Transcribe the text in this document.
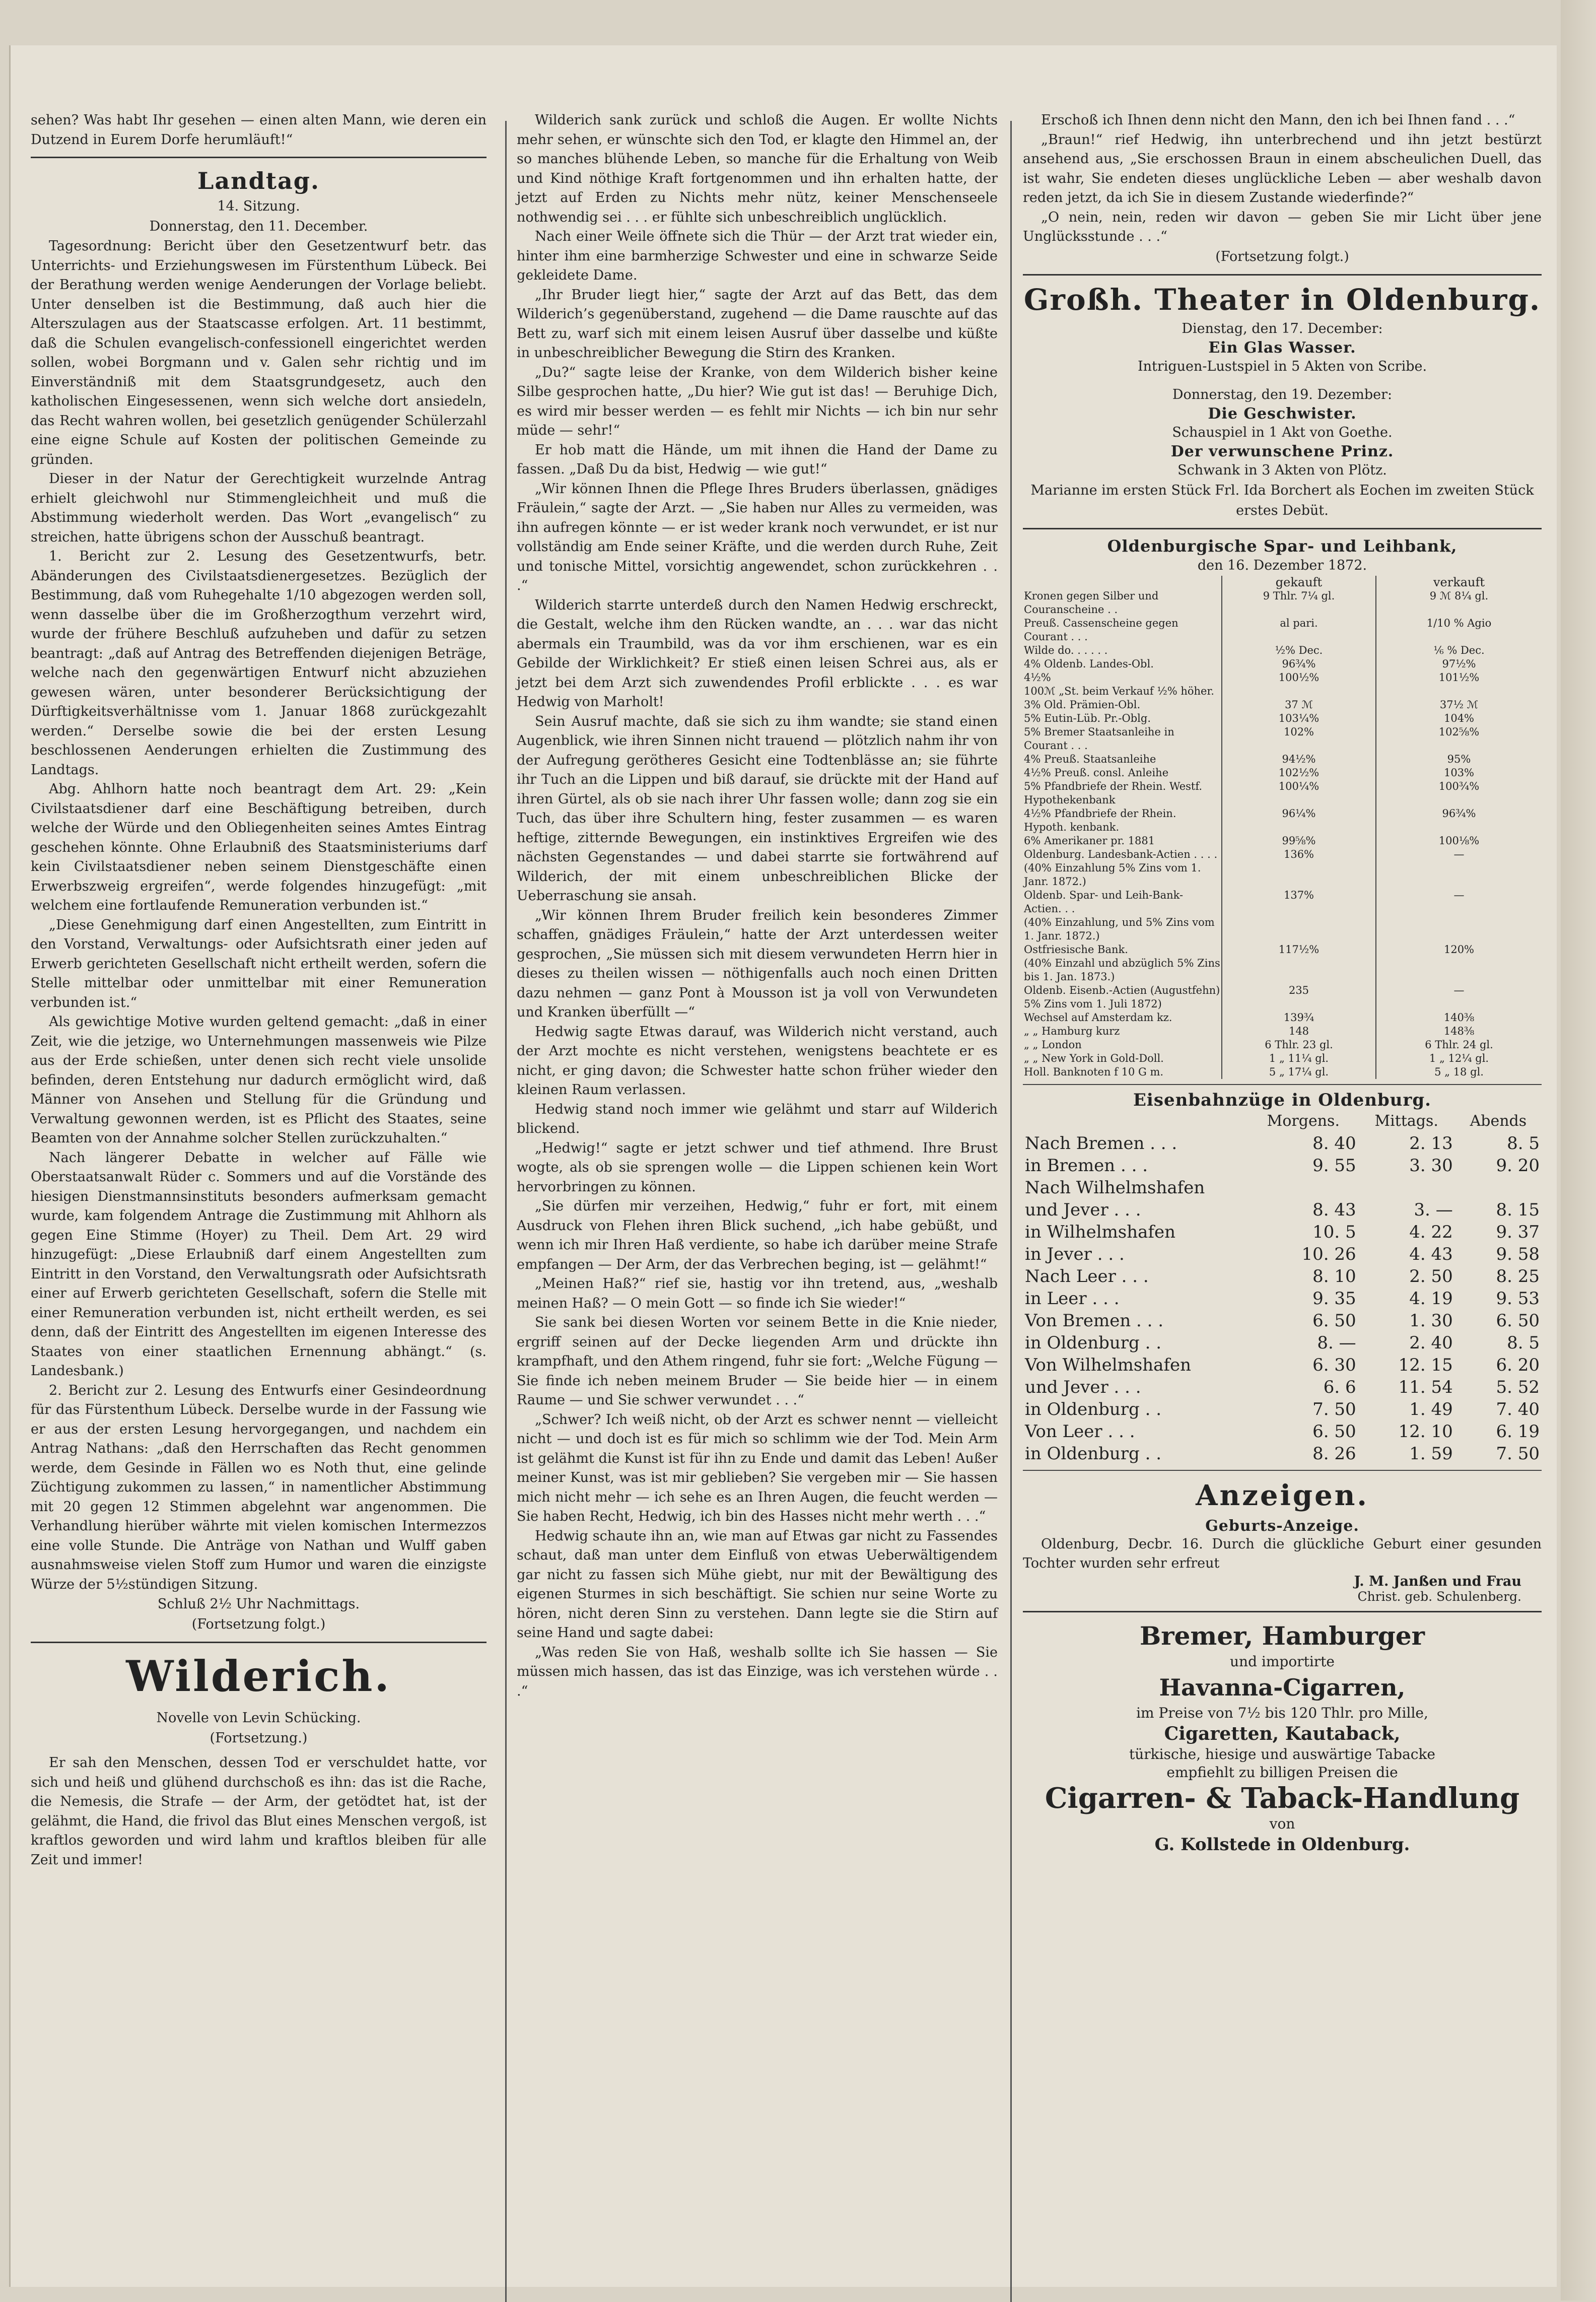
sehen? Was habt Ihr gesehen — einen alten Mann, wie deren ein Dutzend in Eurem Dorfe herumläuft!“

Landtag.
14. Sitzung.
Donnerstag, den 11. December.

Tagesordnung: Bericht über den Gesetzentwurf betr. das Unterrichts- und Erziehungswesen im Fürstenthum Lübeck. Bei der Berathung werden wenige Aenderungen der Vorlage beliebt. Unter denselben ist die Bestimmung, daß auch hier die Alterszulagen aus der Staatscasse erfolgen. Art. 11 bestimmt, daß die Schulen evangelisch-confessionell eingerichtet werden sollen, wobei Borgmann und v. Galen sehr richtig und im Einverständniß mit dem Staatsgrundgesetz, auch den katholischen Eingesessenen, wenn sich welche dort ansiedeln, das Recht wahren wollen, bei gesetzlich genügender Schülerzahl eine eigne Schule auf Kosten der politischen Gemeinde zu gründen.

Dieser in der Natur der Gerechtigkeit wurzelnde Antrag erhielt gleichwohl nur Stimmengleichheit und muß die Abstimmung wiederholt werden. Das Wort „evangelisch“ zu streichen, hatte übrigens schon der Ausschuß beantragt.

1. Bericht zur 2. Lesung des Gesetzentwurfs, betr. Abänderungen des Civilstaatsdienergesetzes. Bezüglich der Bestimmung, daß vom Ruhegehalte 1/10 abgezogen werden soll, wenn dasselbe über die im Großherzogthum verzehrt wird, wurde der frühere Beschluß aufzuheben und dafür zu setzen beantragt: „daß auf Antrag des Betreffenden diejenigen Beträge, welche nach den gegenwärtigen Entwurf nicht abzuziehen gewesen wären, unter besonderer Berücksichtigung der Dürftigkeitsverhältnisse vom 1. Januar 1868 zurückgezahlt werden.“ Derselbe sowie die bei der ersten Lesung beschlossenen Aenderungen erhielten die Zustimmung des Landtags.

Abg. Ahlhorn hatte noch beantragt dem Art. 29: „Kein Civilstaatsdiener darf eine Beschäftigung betreiben, durch welche der Würde und den Obliegenheiten seines Amtes Eintrag geschehen könnte. Ohne Erlaubniß des Staatsministeriums darf kein Civilstaatsdiener neben seinem Dienstgeschäfte einen Erwerbszweig ergreifen“, werde folgendes hinzugefügt: „mit welchem eine fortlaufende Remuneration verbunden ist.“

„Diese Genehmigung darf einen Angestellten, zum Eintritt in den Vorstand, Verwaltungs- oder Aufsichtsrath einer jeden auf Erwerb gerichteten Gesellschaft nicht ertheilt werden, sofern die Stelle mittelbar oder unmittelbar mit einer Remuneration verbunden ist.“

Als gewichtige Motive wurden geltend gemacht: „daß in einer Zeit, wie die jetzige, wo Unternehmungen massenweis wie Pilze aus der Erde schießen, unter denen sich recht viele unsolide befinden, deren Entstehung nur dadurch ermöglicht wird, daß Männer von Ansehen und Stellung für die Gründung und Verwaltung gewonnen werden, ist es Pflicht des Staates, seine Beamten von der Annahme solcher Stellen zurückzuhalten.“

Nach längerer Debatte in welcher auf Fälle wie Oberstaatsanwalt Rüder c. Sommers und auf die Vorstände des hiesigen Dienstmannsinstituts besonders aufmerksam gemacht wurde, kam folgendem Antrage die Zustimmung mit Ahlhorn als gegen Eine Stimme (Hoyer) zu Theil. Dem Art. 29 wird hinzugefügt: „Diese Erlaubniß darf einem Angestellten zum Eintritt in den Vorstand, den Verwaltungsrath oder Aufsichtsrath einer auf Erwerb gerichteten Gesellschaft, sofern die Stelle mit einer Remuneration verbunden ist, nicht ertheilt werden, es sei denn, daß der Eintritt des Angestellten im eigenen Interesse des Staates von einer staatlichen Ernennung abhängt.“ (s. Landesbank.)

2. Bericht zur 2. Lesung des Entwurfs einer Gesindeordnung für das Fürstenthum Lübeck. Derselbe wurde in der Fassung wie er aus der ersten Lesung hervorgegangen, und nachdem ein Antrag Nathans: „daß den Herrschaften das Recht genommen werde, dem Gesinde in Fällen wo es Noth thut, eine gelinde Züchtigung zukommen zu lassen,“ in namentlicher Abstimmung mit 20 gegen 12 Stimmen abgelehnt war angenommen. Die Verhandlung hierüber währte mit vielen komischen Intermezzos eine volle Stunde. Die Anträge von Nathan und Wulff gaben ausnahmsweise vielen Stoff zum Humor und waren die einzigste Würze der 5½stündigen Sitzung.

Schluß 2½ Uhr Nachmittags.
(Fortsetzung folgt.)
Wilderich.
Novelle von Levin Schücking.
(Fortsetzung.)

Er sah den Menschen, dessen Tod er verschuldet hatte, vor sich und heiß und glühend durchschoß es ihn: das ist die Rache, die Nemesis, die Strafe — der Arm, der getödtet hat, ist der gelähmt, die Hand, die frivol das Blut eines Menschen vergoß, ist kraftlos geworden und wird lahm und kraftlos bleiben für alle Zeit und immer!

Wilderich sank zurück und schloß die Augen. Er wollte Nichts mehr sehen, er wünschte sich den Tod, er klagte den Himmel an, der so manches blühende Leben, so manche für die Erhaltung von Weib und Kind nöthige Kraft fortgenommen und ihn erhalten hatte, der jetzt auf Erden zu Nichts mehr nütz, keiner Menschenseele nothwendig sei . . . er fühlte sich unbeschreiblich unglücklich.

Nach einer Weile öffnete sich die Thür — der Arzt trat wieder ein, hinter ihm eine barmherzige Schwester und eine in schwarze Seide gekleidete Dame.

„Ihr Bruder liegt hier,“ sagte der Arzt auf das Bett, das dem Wilderich’s gegenüberstand, zugehend — die Dame rauschte auf das Bett zu, warf sich mit einem leisen Ausruf über dasselbe und küßte in unbeschreiblicher Bewegung die Stirn des Kranken.

„Du?“ sagte leise der Kranke, von dem Wilderich bisher keine Silbe gesprochen hatte, „Du hier? Wie gut ist das! — Beruhige Dich, es wird mir besser werden — es fehlt mir Nichts — ich bin nur sehr müde — sehr!“

Er hob matt die Hände, um mit ihnen die Hand der Dame zu fassen. „Daß Du da bist, Hedwig — wie gut!“

„Wir können Ihnen die Pflege Ihres Bruders überlassen, gnädiges Fräulein,“ sagte der Arzt. — „Sie haben nur Alles zu vermeiden, was ihn aufregen könnte — er ist weder krank noch verwundet, er ist nur vollständig am Ende seiner Kräfte, und die werden durch Ruhe, Zeit und tonische Mittel, vorsichtig angewendet, schon zurückkehren . . .“

Wilderich starrte unterdeß durch den Namen Hedwig erschreckt, die Gestalt, welche ihm den Rücken wandte, an . . . war das nicht abermals ein Traumbild, was da vor ihm erschienen, war es ein Gebilde der Wirklichkeit? Er stieß einen leisen Schrei aus, als er jetzt bei dem Arzt sich zuwendendes Profil erblickte . . . es war Hedwig von Marholt!

Sein Ausruf machte, daß sie sich zu ihm wandte; sie stand einen Augenblick, wie ihren Sinnen nicht trauend — plötzlich nahm ihr von der Aufregung gerötheres Gesicht eine Todtenblässe an; sie führte ihr Tuch an die Lippen und biß darauf, sie drückte mit der Hand auf ihren Gürtel, als ob sie nach ihrer Uhr fassen wolle; dann zog sie ein Tuch, das über ihre Schultern hing, fester zusammen — es waren heftige, zitternde Bewegungen, ein instinktives Ergreifen wie des nächsten Gegenstandes — und dabei starrte sie fortwährend auf Wilderich, der mit einem unbeschreiblichen Blicke der Ueberraschung sie ansah.

„Wir können Ihrem Bruder freilich kein besonderes Zimmer schaffen, gnädiges Fräulein,“ hatte der Arzt unterdessen weiter gesprochen, „Sie müssen sich mit diesem verwundeten Herrn hier in dieses zu theilen wissen — nöthigenfalls auch noch einen Dritten dazu nehmen — ganz Pont à Mousson ist ja voll von Verwundeten und Kranken überfüllt —“

Hedwig sagte Etwas darauf, was Wilderich nicht verstand, auch der Arzt mochte es nicht verstehen, wenigstens beachtete er es nicht, er ging davon; die Schwester hatte schon früher wieder den kleinen Raum verlassen.

Hedwig stand noch immer wie gelähmt und starr auf Wilderich blickend.

„Hedwig!“ sagte er jetzt schwer und tief athmend. Ihre Brust wogte, als ob sie sprengen wolle — die Lippen schienen kein Wort hervorbringen zu können.

„Sie dürfen mir verzeihen, Hedwig,“ fuhr er fort, mit einem Ausdruck von Flehen ihren Blick suchend, „ich habe gebüßt, und wenn ich mir Ihren Haß verdiente, so habe ich darüber meine Strafe empfangen — Der Arm, der das Verbrechen beging, ist — gelähmt!“

„Meinen Haß?“ rief sie, hastig vor ihn tretend, aus, „weshalb meinen Haß? — O mein Gott — so finde ich Sie wieder!“

Sie sank bei diesen Worten vor seinem Bette in die Knie nieder, ergriff seinen auf der Decke liegenden Arm und drückte ihn krampfhaft, und den Athem ringend, fuhr sie fort: „Welche Fügung — Sie finde ich neben meinem Bruder — Sie beide hier — in einem Raume — und Sie schwer verwundet . . .“

„Schwer? Ich weiß nicht, ob der Arzt es schwer nennt — vielleicht nicht — und doch ist es für mich so schlimm wie der Tod. Mein Arm ist gelähmt die Kunst ist für ihn zu Ende und damit das Leben! Außer meiner Kunst, was ist mir geblieben? Sie vergeben mir — Sie hassen mich nicht mehr — ich sehe es an Ihren Augen, die feucht werden — Sie haben Recht, Hedwig, ich bin des Hasses nicht mehr werth . . .“

Hedwig schaute ihn an, wie man auf Etwas gar nicht zu Fassendes schaut, daß man unter dem Einfluß von etwas Ueberwältigendem gar nicht zu fassen sich Mühe giebt, nur mit der Bewältigung des eigenen Sturmes in sich beschäftigt. Sie schien nur seine Worte zu hören, nicht deren Sinn zu verstehen. Dann legte sie die Stirn auf seine Hand und sagte dabei:

„Was reden Sie von Haß, weshalb sollte ich Sie hassen — Sie müssen mich hassen, das ist das Einzige, was ich verstehen würde . . .“

Erschoß ich Ihnen denn nicht den Mann, den ich bei Ihnen fand . . .“

„Braun!“ rief Hedwig, ihn unterbrechend und ihn jetzt bestürzt ansehend aus, „Sie erschossen Braun in einem abscheulichen Duell, das ist wahr, Sie endeten dieses unglückliche Leben — aber weshalb davon reden jetzt, da ich Sie in diesem Zustande wiederfinde?“

„O nein, nein, reden wir davon — geben Sie mir Licht über jene Unglücksstunde . . .“

(Fortsetzung folgt.)
Großh. Theater in Oldenburg.
Dienstag, den 17. December:
Ein Glas Wasser.
Intriguen-Lustspiel in 5 Akten von Scribe.
Donnerstag, den 19. Dezember:
Die Geschwister.
Schauspiel in 1 Akt von Goethe.
Der verwunschene Prinz.
Schwank in 3 Akten von Plötz.
Marianne im ersten Stück Frl. Ida Borchert als Eochen im zweiten Stück erstes Debüt.
Oldenburgische Spar- und Leihbank,
den 16. Dezember 1872.
	gekauft	verkauft
Kronen gegen Silber und Couranscheine . .	9 Thlr. 7¼ gl.	9 ℳ 8¼ gl.
Preuß. Cassenscheine gegen Courant . . .	al pari.	1/10 % Agio
Wilde do. . . . . .	½% Dec.	⅙ % Dec.
4% Oldenb. Landes-Obl.	96¾%	97½%
4½%	100½%	101½%
100ℳ „St. beim Verkauf ½% höher.		
3% Old. Prämien-Obl.	37 ℳ	37½ ℳ
5% Eutin-Lüb. Pr.-Oblg.	103¼%	104%
5% Bremer Staatsanleihe in Courant . . .	102%	102⅝%
4% Preuß. Staatsanleihe	94½%	95%
4½% Preuß. consl. Anleihe	102½%	103%
5% Pfandbriefe der Rhein. Westf. Hypothekenbank	100¼%	100¾%
4½% Pfandbriefe der Rhein. Hypoth. kenbank.	96¼%	96¾%
6% Amerikaner pr. 1881	99⅝%	100⅛%
Oldenburg. Landesbank-Actien . . . .	136%	—
(40% Einzahlung 5% Zins vom 1. Janr. 1872.)		
Oldenb. Spar- und Leih-Bank-Actien. . .	137%	—
(40% Einzahlung, und 5% Zins vom 1. Janr. 1872.)		
Ostfriesische Bank.	117½%	120%
(40% Einzahl und abzüglich 5% Zins bis 1. Jan. 1873.)		
Oldenb. Eisenb.-Actien (Augustfehn) 5% Zins vom 1. Juli 1872)	235	—
Wechsel auf Amsterdam kz.	139¾	140⅜
„ „ Hamburg kurz	148	148⅜
„ „ London	6 Thlr. 23 gl.	6 Thlr. 24 gl.
„ „ New York in Gold-Doll.	1 „ 11¼ gl.	1 „ 12¼ gl.
Holl. Banknoten f 10 G m.	5 „ 17¼ gl.	5 „ 18 gl.
Eisenbahnzüge in Oldenburg.
	Morgens.	Mittags.	Abends
Nach Bremen . . .	8. 40	2. 13	8. 5
in Bremen . . .	9. 55	3. 30	9. 20
Nach Wilhelmshafen			
und Jever . . .	8. 43	3. —	8. 15
in Wilhelmshafen	10. 5	4. 22	9. 37
in Jever . . .	10. 26	4. 43	9. 58
Nach Leer . . .	8. 10	2. 50	8. 25
in Leer . . .	9. 35	4. 19	9. 53
Von Bremen . . .	6. 50	1. 30	6. 50
in Oldenburg . .	8. —	2. 40	8. 5
Von Wilhelmshafen	6. 30	12. 15	6. 20
und Jever . . .	6. 6	11. 54	5. 52
in Oldenburg . .	7. 50	1. 49	7. 40
Von Leer . . .	6. 50	12. 10	6. 19
in Oldenburg . .	8. 26	1. 59	7. 50
Anzeigen.
Geburts-Anzeige.

Oldenburg, Decbr. 16. Durch die glückliche Geburt einer gesunden Tochter wurden sehr erfreut

J. M. Janßen und Frau
Christ. geb. Schulenberg.
Bremer, Hamburger
und importirte
Havanna-Cigarren,
im Preise von 7½ bis 120 Thlr. pro Mille,
Cigaretten, Kautaback,
türkische, hiesige und auswärtige Tabacke
empfiehlt zu billigen Preisen die
Cigarren- & Taback-Handlung
von
G. Kollstede in Oldenburg.
